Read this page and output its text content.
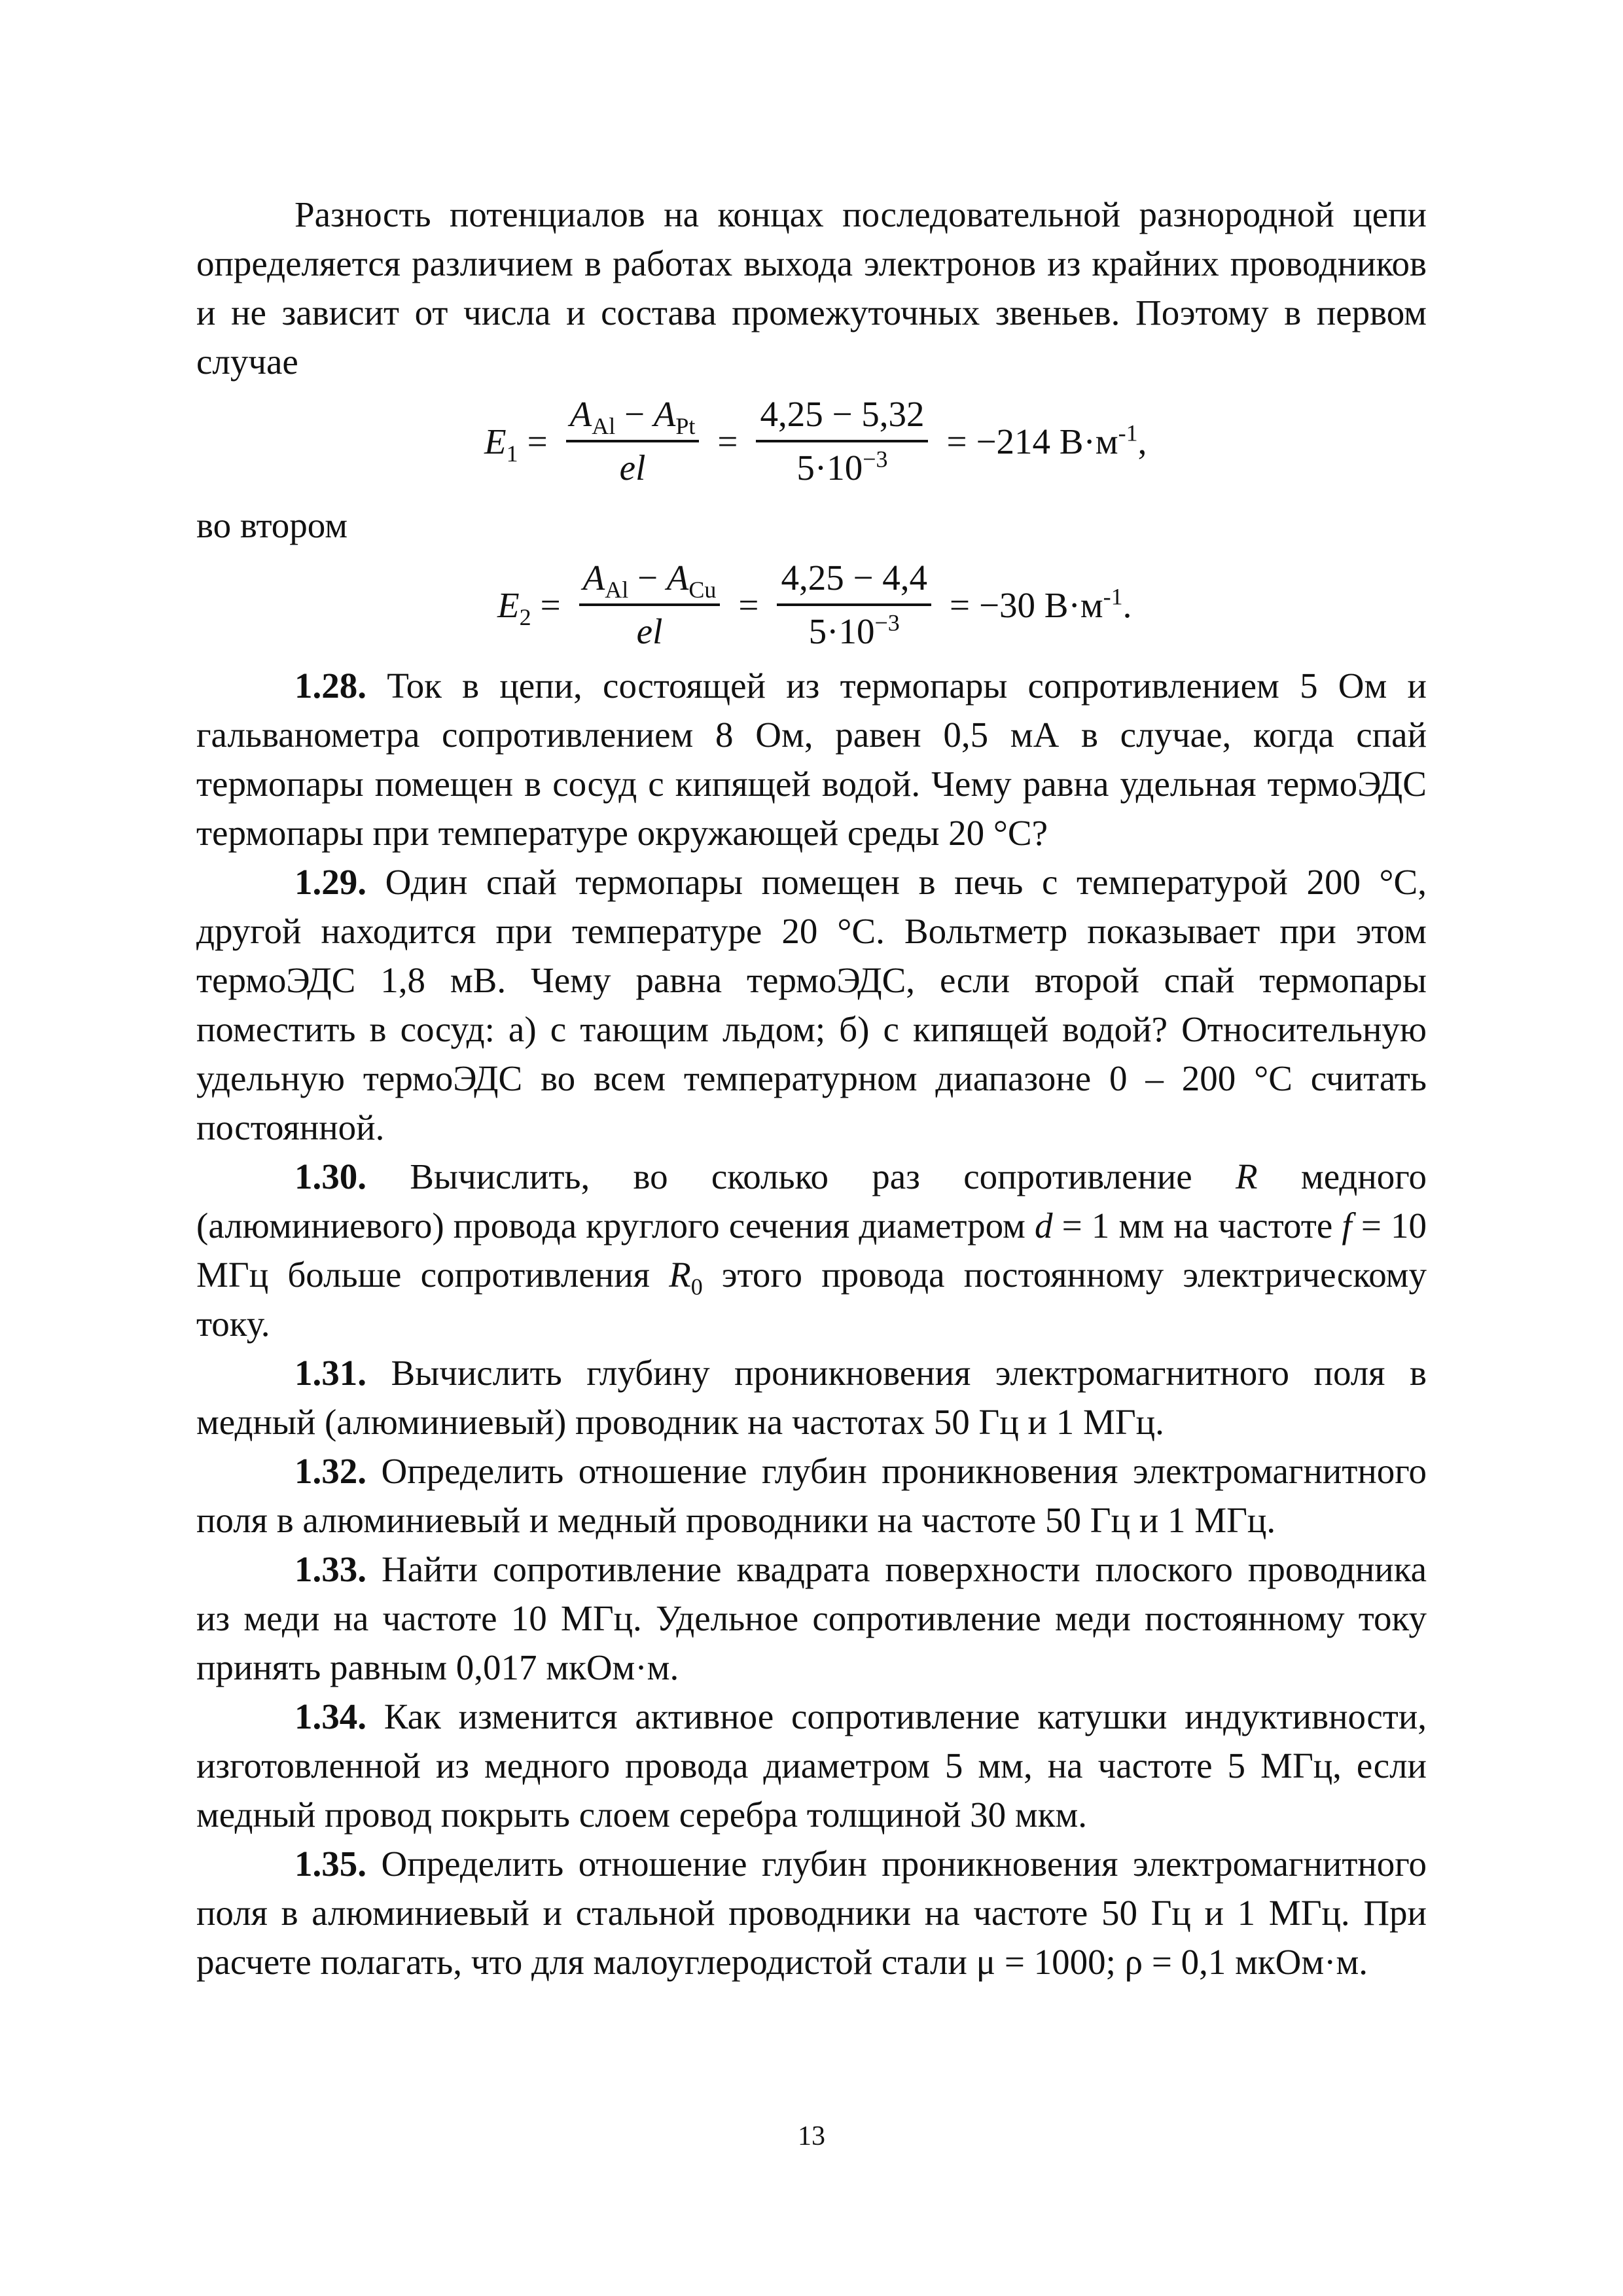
Разность потенциалов на концах последовательной разнородной цепи определяется различием в работах выхода электронов из крайних проводников и не зависит от числа и состава промежуточных звеньев. Поэтому в первом случае

$E_1 = \frac{A_{Al} - A_{Pt}}{el} = \frac{4,25 - 5,32}{5\cdot 10^{-3}} = -214$ $В\cdot м^{-1}$,

во втором

$E_2 = \frac{A_{Al} - A_{Cu}}{el} = \frac{4,25 - 4,4}{5\cdot 10^{-3}} = -30$ $В\cdot м^{-1}$.

1.28. Ток в цепи, состоящей из термопары сопротивлением 5 Ом и гальванометра сопротивлением 8 Ом, равен 0,5 мА в случае, когда спай термопары помещен в сосуд с кипящей водой. Чему равна удельная термоЭДС термопары при температуре окружающей среды 20 °С?

1.29. Один спай термопары помещен в печь с температурой 200 °С, другой находится при температуре 20 °С. Вольтметр показывает при этом термоЭДС 1,8 мВ. Чему равна термоЭДС, если второй спай термопары поместить в сосуд: а) с тающим льдом; б) с кипящей водой? Относительную удельную термоЭДС во всем температурном диапазоне 0 – 200 °С считать постоянной.

1.30. Вычислить, во сколько раз сопротивление R медного (алюминиевого) провода круглого сечения диаметром d = 1 мм на частоте f = 10 МГц больше сопротивления $R_0$ этого провода постоянному электрическому току.

1.31. Вычислить глубину проникновения электромагнитного поля в медный (алюминиевый) проводник на частотах 50 Гц и 1 МГц.

1.32. Определить отношение глубин проникновения электромагнитного поля в алюминиевый и медный проводники на частоте 50 Гц и 1 МГц.

1.33. Найти сопротивление квадрата поверхности плоского проводника из меди на частоте 10 МГц. Удельное сопротивление меди постоянному току принять равным 0,017 мкОм·м.

1.34. Как изменится активное сопротивление катушки индуктивности, изготовленной из медного провода диаметром 5 мм, на частоте 5 МГц, если медный провод покрыть слоем серебра толщиной 30 мкм.

1.35. Определить отношение глубин проникновения электромагнитного поля в алюминиевый и стальной проводники на частоте 50 Гц и 1 МГц. При расчете полагать, что для малоуглеродистой стали μ = 1000; ρ = 0,1 мкОм·м.

13
